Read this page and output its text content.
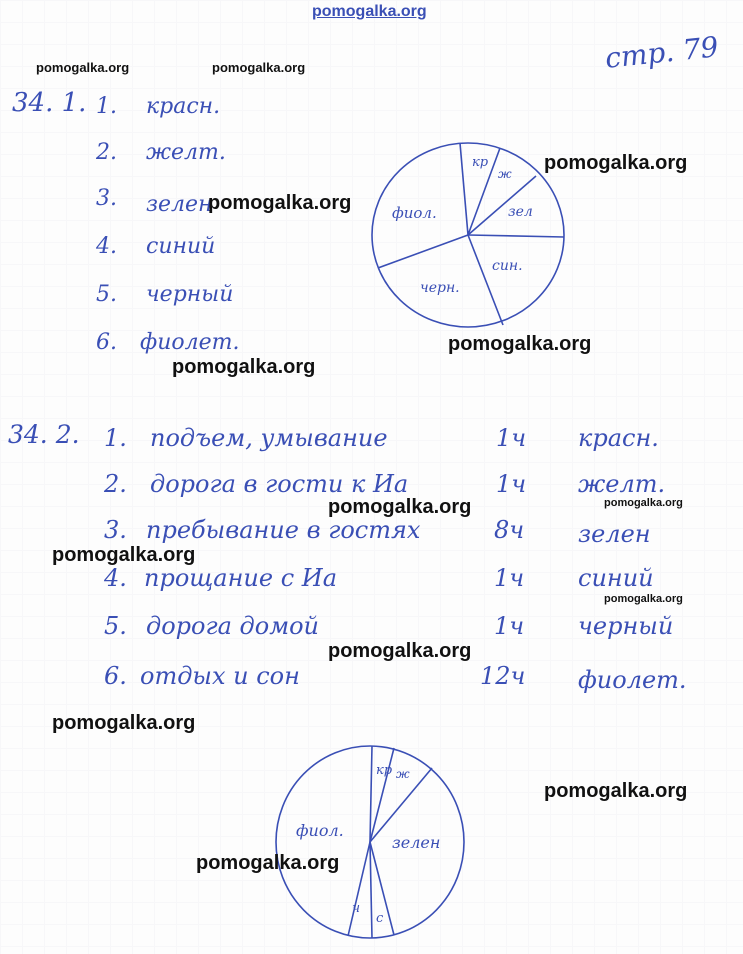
pomogalka.org
стр. 79
pomogalka.org	pomogalka.org
34. 1. 1. красн.
2. желт.
3. зелен
4. синий
5. черный
6. фиолет.
кр
ж
зел
син.
черн.
фиол.
pomogalka.org
pomogalka.org
pomogalka.org
pomogalka.org
34. 2. 1. подъем, умывание	1ч красн.
2. дорога в гости к Иа	1ч желт.
3. пребывание в гостях	8ч зелен
4. прощание с Иа	1ч синий
5. дорога домой	1ч черный
6. отдых и сон	12ч фиолет.
pomogalka.org	pomogalka.org
pomogalka.org
pomogalka.org
pomogalka.org
pomogalka.org
кр ж
зелен
с
ч
фиол.
pomogalka.org
pomogalka.org
